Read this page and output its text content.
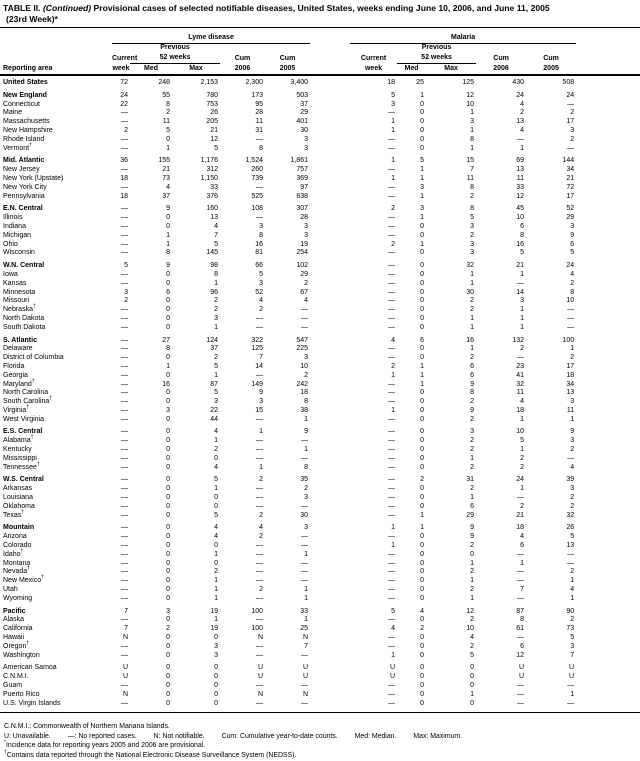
TABLE II. (Continued) Provisional cases of selected notifiable diseases, United States, weeks ending June 10, 2006, and June 11, 2005
(23rd Week)*
	Lyme disease						Malaria					
		Previous						Previous				
	Current	52 weeks		Cum	Cum		Current	52 weeks		Cum	Cum	
Reporting area	week	Med	Max	2006	2005		week	Med	Max	2006	2005	
United States	72	248	2,153	2,300	3,400		18	25	125	430	508	

New England	24	55	780	173	503		5	1	12	24	24	
Connecticut	22	8	753	95	37		3	0	10	4	—	
Maine	—	2	26	28	29		—	0	1	2	2	
Massachusetts	—	11	205	11	401		1	0	3	13	17	
New Hampshire	2	5	21	31	30		1	0	1	4	3	
Rhode Island	—	0	12	—	3		—	0	8	—	2	
Vermont†	—	1	5	8	3		—	0	1	1	—	

Mid. Atlantic	36	155	1,176	1,524	1,861		1	5	15	69	144	
New Jersey	—	21	312	260	757		—	1	7	13	34	
New York (Upstate)	18	73	1,150	739	369		1	1	11	11	21	
New York City	—	4	33	—	97		—	3	8	33	72	
Pennsylvania	18	37	376	525	638		—	1	2	12	17	

E.N. Central	—	9	160	108	307		2	3	8	45	52	
Illinois	—	0	13	—	28		—	1	5	10	29	
Indiana	—	0	4	3	3		—	0	3	6	3	
Michigan	—	1	7	8	3		—	0	2	8	9	
Ohio	—	1	5	16	19		2	1	3	16	6	
Wisconsin	—	8	145	81	254		—	0	3	5	5	

W.N. Central	5	9	98	66	102		—	0	32	21	24	
Iowa	—	0	8	5	29		—	0	1	1	4	
Kansas	—	0	1	3	2		—	0	1	—	2	
Minnesota	3	6	96	52	67		—	0	30	14	8	
Missouri	2	0	2	4	4		—	0	2	3	10	
Nebraska†	—	0	2	2	—		—	0	2	1	—	
North Dakota	—	0	3	—	—		—	0	1	1	—	
South Dakota	—	0	1	—	—		—	0	1	1	—	

S. Atlantic	—	27	124	322	547		4	6	16	132	100	
Delaware	—	8	37	125	225		—	0	1	2	1	
District of Columbia	—	0	2	7	3		—	0	2	—	2	
Florida	—	1	5	14	10		2	1	6	23	17	
Georgia	—	0	1	—	2		1	1	6	41	18	
Maryland†	—	16	87	149	242		—	1	9	32	34	
North Carolina	—	0	5	9	18		—	0	8	11	13	
South Carolina†	—	0	3	3	8		—	0	2	4	3	
Virginia†	—	3	22	15	38		1	0	9	18	11	
West Virginia	—	0	44	—	1		—	0	2	1	1	

E.S. Central	—	0	4	1	9		—	0	3	10	9	
Alabama†	—	0	1	—	—		—	0	2	5	3	
Kentucky	—	0	2	—	1		—	0	2	1	2	
Mississippi	—	0	0	—	—		—	0	1	2	—	
Tennessee†	—	0	4	1	8		—	0	2	2	4	

W.S. Central	—	0	5	2	35		—	2	31	24	39	
Arkansas	—	0	1	—	2		—	0	2	1	3	
Louisiana	—	0	0	—	3		—	0	1	—	2	
Oklahoma	—	0	0	—	—		—	0	6	2	2	
Texas†	—	0	5	2	30		—	1	29	21	32	

Mountain	—	0	4	4	3		1	1	9	18	26	
Arizona	—	0	4	2	—		—	0	9	4	5	
Colorado	—	0	0	—	—		1	0	2	6	13	
Idaho†	—	0	1	—	1		—	0	0	—	—	
Montana	—	0	0	—	—		—	0	1	1	—	
Nevada†	—	0	2	—	—		—	0	2	—	2	
New Mexico†	—	0	1	—	—		—	0	1	—	1	
Utah	—	0	1	2	1		—	0	2	7	4	
Wyoming	—	0	1	—	1		—	0	1	—	1	

Pacific	7	3	19	100	33		5	4	12	87	90	
Alaska	—	0	1	—	1		—	0	2	8	2	
California	7	2	19	100	25		4	2	10	61	73	
Hawaii	N	0	0	N	N		—	0	4	—	5	
Oregon†	—	0	3	—	7		—	0	2	6	3	
Washington	—	0	3	—	—		1	0	5	12	7	

American Samoa	U	0	0	U	U		U	0	0	U	U	
C.N.M.I.	U	0	0	U	U		U	0	0	U	U	
Guam	—	0	0	—	—		—	0	0	—	—	
Puerto Rico	N	0	0	N	N		—	0	1	—	1	
U.S. Virgin Islands	—	0	0	—	—		—	0	0	—	—	
C.N.M.I.: Commonwealth of Northern Mariana Islands.
U: Unavailable. —: No reported cases. N: Not notifiable. Cum: Cumulative year-to-date counts. Med: Median. Max: Maximum.
*Incidence data for reporting years 2005 and 2006 are provisional.
†Contains data reported through the National Electronic Disease Surveillance System (NEDSS).
